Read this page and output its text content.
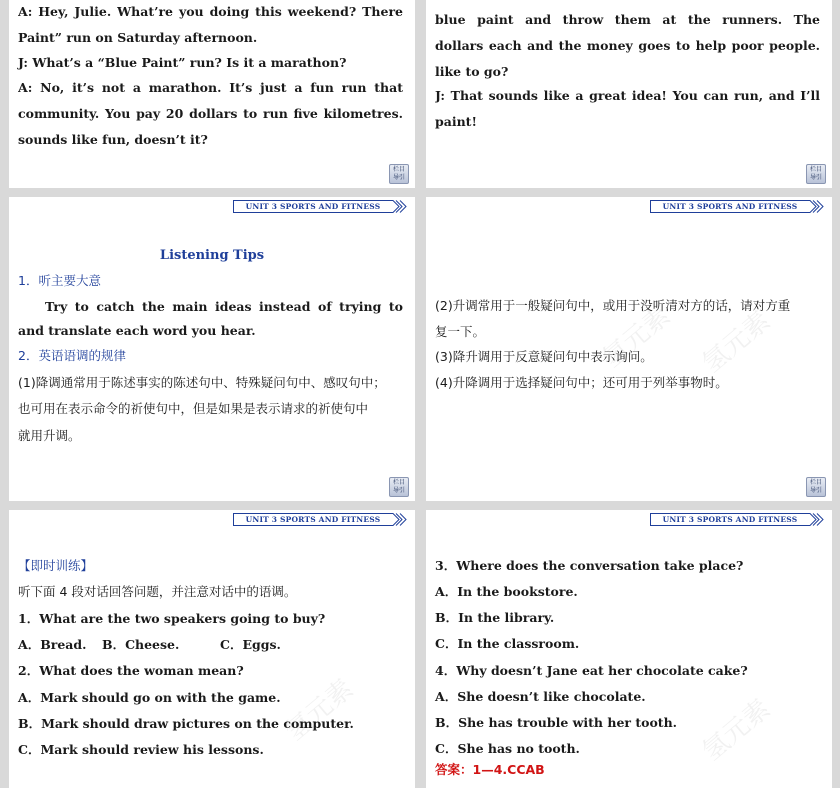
A: Hey, Julie. What’re you doing this weekend? There
Paint” run on Saturday afternoon.
J: What’s a “Blue Paint” run? Is it a marathon?
A: No, it’s not a marathon. It’s just a fun run that
community. You pay 20 dollars to run five kilometres.
sounds like fun, doesn’t it?
栏目
导引
blue paint and throw them at the runners. The
dollars each and the money goes to help poor people.
like to go?
J: That sounds like a great idea! You can run, and I’ll
paint!
栏目
导引
UNIT 3 SPORTS AND FITNESS
Listening Tips
1．听主要大意
Try to catch the main ideas instead of trying to
and translate each word you hear.
2．英语语调的规律
(1)降调通常用于陈述事实的陈述句中、特殊疑问句中、感叹句中；
也可用在表示命令的祈使句中，但是如果是表示请求的祈使句中
就用升调。
栏目
导引
UNIT 3 SPORTS AND FITNESS
(2)升调常用于一般疑问句中，或用于没听清对方的话，请对方重
复一下。
(3)降升调用于反意疑问句中表示询问。
(4)升降调用于选择疑问句中；还可用于列举事物时。
氢元素 氢元素
栏目
导引
UNIT 3 SPORTS AND FITNESS
【即时训练】
听下面 4 段对话回答问题，并注意对话中的语调。
1．What are the two speakers going to buy?
A．Bread.	B．Cheese.	C．Eggs.
2．What does the woman mean?
A．Mark should go on with the game.
B．Mark should draw pictures on the computer.
C．Mark should review his lessons.
氢元素
UNIT 3 SPORTS AND FITNESS
3．Where does the conversation take place?
A．In the bookstore.
B．In the library.
C．In the classroom.
4．Why doesn’t Jane eat her chocolate cake?
A．She doesn’t like chocolate.
B．She has trouble with her tooth.
C．She has no tooth.
答案：1—4.CCAB
氢元素
